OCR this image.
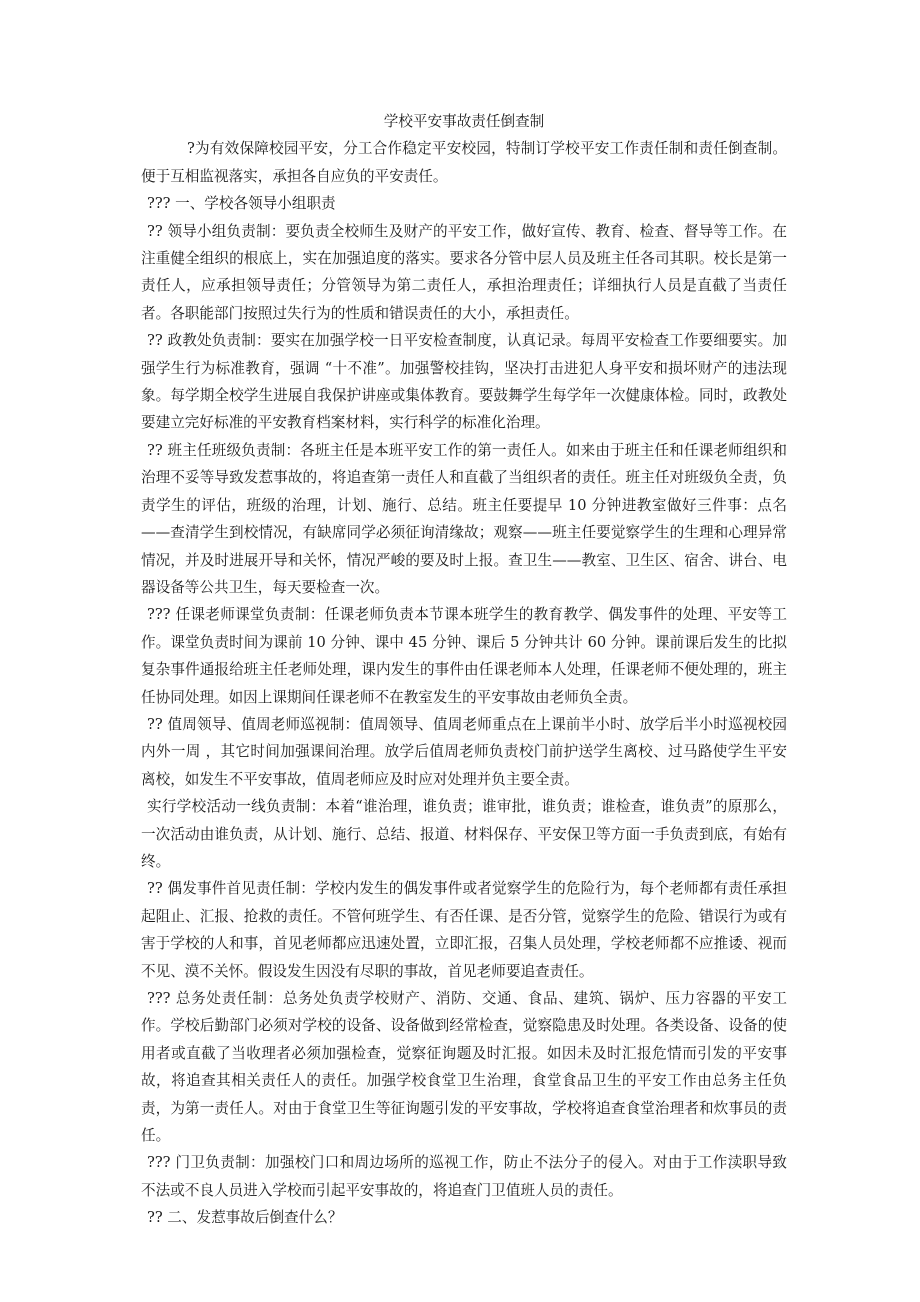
学校平安事故责任倒查制

?为有效保障校园平安，分工合作稳定平安校园，特制订学校平安工作责任制和责任倒查制。便于互相监视落实，承担各自应负的平安责任。

??? 一、学校各领导小组职责

?? 领导小组负责制：要负责全校师生及财产的平安工作，做好宣传、教育、检查、督导等工作。在注重健全组织的根底上，实在加强追度的落实。要求各分管中层人员及班主任各司其职。校长是第一责任人，应承担领导责任；分管领导为第二责任人，承担治理责任；详细执行人员是直截了当责任者。各职能部门按照过失行为的性质和错误责任的大小，承担责任。

?? 政教处负责制：要实在加强学校一日平安检查制度，认真记录。每周平安检查工作要细要实。加强学生行为标准教育，强调 “十不准”。加强警校挂钩，坚决打击进犯人身平安和损坏财产的违法现象。每学期全校学生进展自我保护讲座或集体教育。要鼓舞学生每学年一次健康体检。同时，政教处要建立完好标准的平安教育档案材料，实行科学的标准化治理。

?? 班主任班级负责制：各班主任是本班平安工作的第一责任人。如来由于班主任和任课老师组织和治理不妥等导致发惹事故的，将追查第一责任人和直截了当组织者的责任。班主任对班级负全责，负责学生的评估，班级的治理，计划、施行、总结。班主任要提早 10 分钟进教室做好三件事：点名——查清学生到校情况，有缺席同学必须征询清缘故；观察——班主任要觉察学生的生理和心理异常情况，并及时进展开导和关怀，情况严峻的要及时上报。查卫生——教室、卫生区、宿舍、讲台、电器设备等公共卫生，每天要检查一次。

??? 任课老师课堂负责制：任课老师负责本节课本班学生的教育教学、偶发事件的处理、平安等工作。课堂负责时间为课前 10 分钟、课中 45 分钟、课后 5 分钟共计 60 分钟。课前课后发生的比拟复杂事件通报给班主任老师处理，课内发生的事件由任课老师本人处理，任课老师不便处理的，班主任协同处理。如因上课期间任课老师不在教室发生的平安事故由老师负全责。

?? 值周领导、值周老师巡视制：值周领导、值周老师重点在上课前半小时、放学后半小时巡视校园内外一周 ，其它时间加强课间治理。放学后值周老师负责校门前护送学生离校、过马路使学生平安离校，如发生不平安事故，值周老师应及时应对处理并负主要全责。

实行学校活动一线负责制：本着“谁治理，谁负责；谁审批，谁负责；谁检查，谁负责”的原那么，一次活动由谁负责，从计划、施行、总结、报道、材料保存、平安保卫等方面一手负责到底，有始有终。

?? 偶发事件首见责任制：学校内发生的偶发事件或者觉察学生的危险行为，每个老师都有责任承担起阻止、汇报、抢救的责任。不管何班学生、有否任课、是否分管，觉察学生的危险、错误行为或有害于学校的人和事，首见老师都应迅速处置，立即汇报，召集人员处理，学校老师都不应推诿、视而不见、漠不关怀。假设发生因没有尽职的事故，首见老师要追查责任。

??? 总务处责任制：总务处负责学校财产、消防、交通、食品、建筑、锅炉、压力容器的平安工作。学校后勤部门必须对学校的设备、设备做到经常检查，觉察隐患及时处理。各类设备、设备的使用者或直截了当收理者必须加强检查，觉察征询题及时汇报。如因未及时汇报危情而引发的平安事故，将追查其相关责任人的责任。加强学校食堂卫生治理，食堂食品卫生的平安工作由总务主任负责，为第一责任人。对由于食堂卫生等征询题引发的平安事故，学校将追查食堂治理者和炊事员的责任。

??? 门卫负责制：加强校门口和周边场所的巡视工作，防止不法分子的侵入。对由于工作渎职导致不法或不良人员进入学校而引起平安事故的，将追查门卫值班人员的责任。

?? 二、发惹事故后倒查什么？
